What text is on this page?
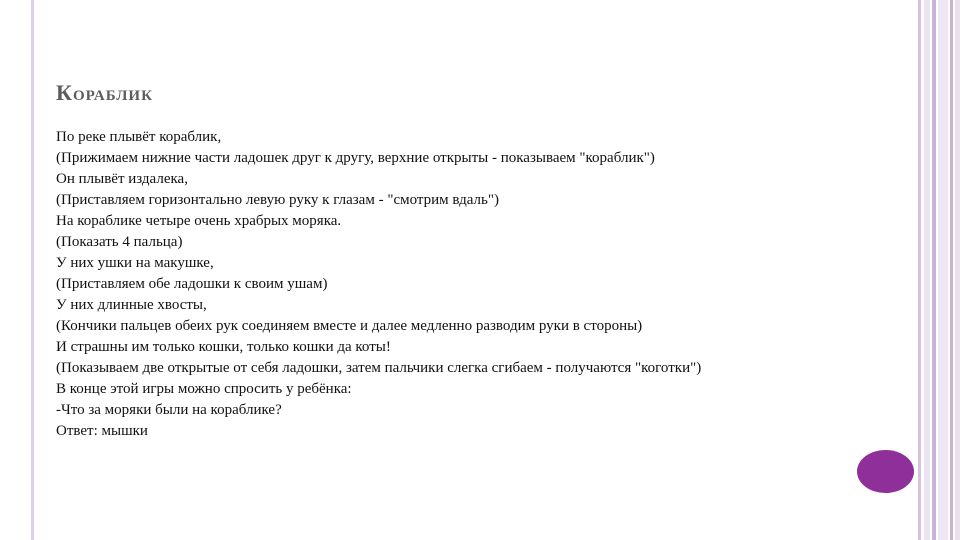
Кораблик

По реке плывёт кораблик,

(Прижимаем нижние части ладошек друг к другу, верхние открыты - показываем "кораблик")

Он плывёт издалека,

(Приставляем горизонтально левую руку к глазам - "смотрим вдаль")

На кораблике четыре очень храбрых моряка.

(Показать 4 пальца)

У них ушки на макушке,

(Приставляем обе ладошки к своим ушам)

У них длинные хвосты,

(Кончики пальцев обеих рук соединяем вместе и далее медленно разводим руки в стороны)

И страшны им только кошки, только кошки да коты!

(Показываем две открытые от себя ладошки, затем пальчики слегка сгибаем - получаются "коготки")

В конце этой игры можно спросить у ребёнка:

-Что за моряки были на кораблике?

Ответ: мышки
